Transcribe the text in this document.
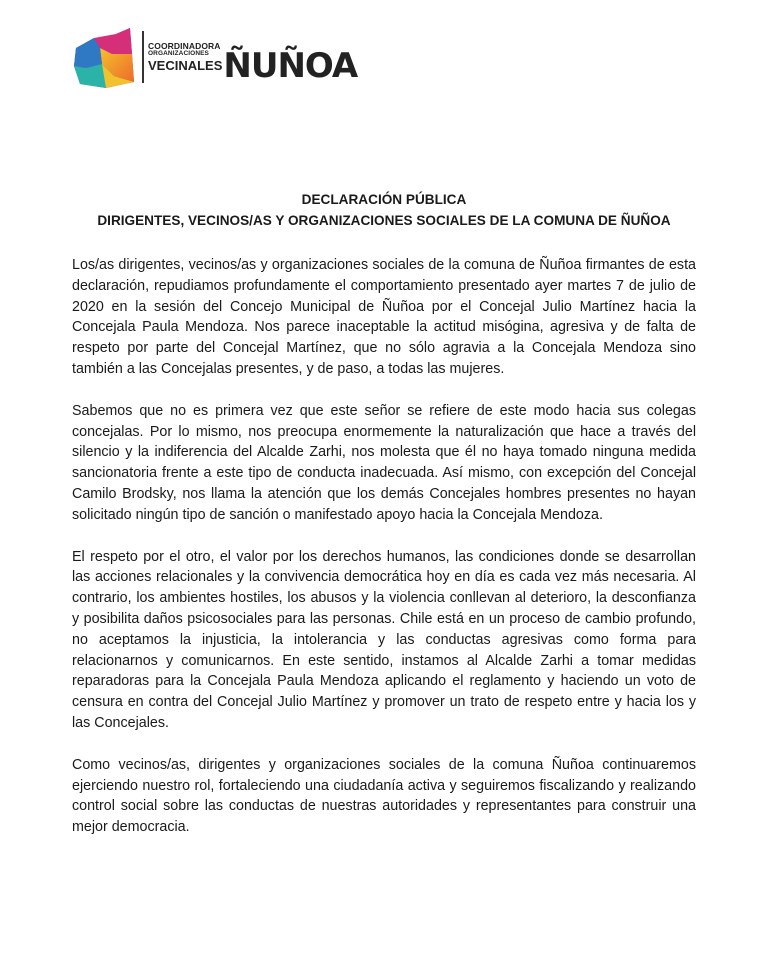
COORDINADORA
ORGANIZACIONES
VECINALES ÑUÑOA
DECLARACIÓN PÚBLICA
DIRIGENTES, VECINOS/AS Y ORGANIZACIONES SOCIALES DE LA COMUNA DE ÑUÑOA

Los/as dirigentes, vecinos/as y organizaciones sociales de la comuna de Ñuñoa firmantes de esta declaración, repudiamos profundamente el comportamiento presentado ayer martes 7 de julio de 2020 en la sesión del Concejo Municipal de Ñuñoa por el Concejal Julio Martínez hacia la Concejala Paula Mendoza. Nos parece inaceptable la actitud misógina, agresiva y de falta de respeto por parte del Concejal Martínez, que no sólo agravia a la Concejala Mendoza sino también a las Concejalas presentes, y de paso, a todas las mujeres.

Sabemos que no es primera vez que este señor se refiere de este modo hacia sus colegas concejalas. Por lo mismo, nos preocupa enormemente la naturalización que hace a través del silencio y la indiferencia del Alcalde Zarhi, nos molesta que él no haya tomado ninguna medida sancionatoria frente a este tipo de conducta inadecuada. Así mismo, con excepción del Concejal Camilo Brodsky, nos llama la atención que los demás Concejales hombres presentes no hayan solicitado ningún tipo de sanción o manifestado apoyo hacia la Concejala Mendoza.

El respeto por el otro, el valor por los derechos humanos, las condiciones donde se desarrollan las acciones relacionales y la convivencia democrática hoy en día es cada vez más necesaria. Al contrario, los ambientes hostiles, los abusos y la violencia conllevan al deterioro, la desconfianza y posibilita daños psicosociales para las personas. Chile está en un proceso de cambio profundo, no aceptamos la injusticia, la intolerancia y las conductas agresivas como forma para relacionarnos y comunicarnos. En este sentido, instamos al Alcalde Zarhi a tomar medidas reparadoras para la Concejala Paula Mendoza aplicando el reglamento y haciendo un voto de censura en contra del Concejal Julio Martínez y promover un trato de respeto entre y hacia los y las Concejales.

Como vecinos/as, dirigentes y organizaciones sociales de la comuna Ñuñoa continuaremos ejerciendo nuestro rol, fortaleciendo una ciudadanía activa y seguiremos fiscalizando y realizando control social sobre las conductas de nuestras autoridades y representantes para construir una mejor democracia.
